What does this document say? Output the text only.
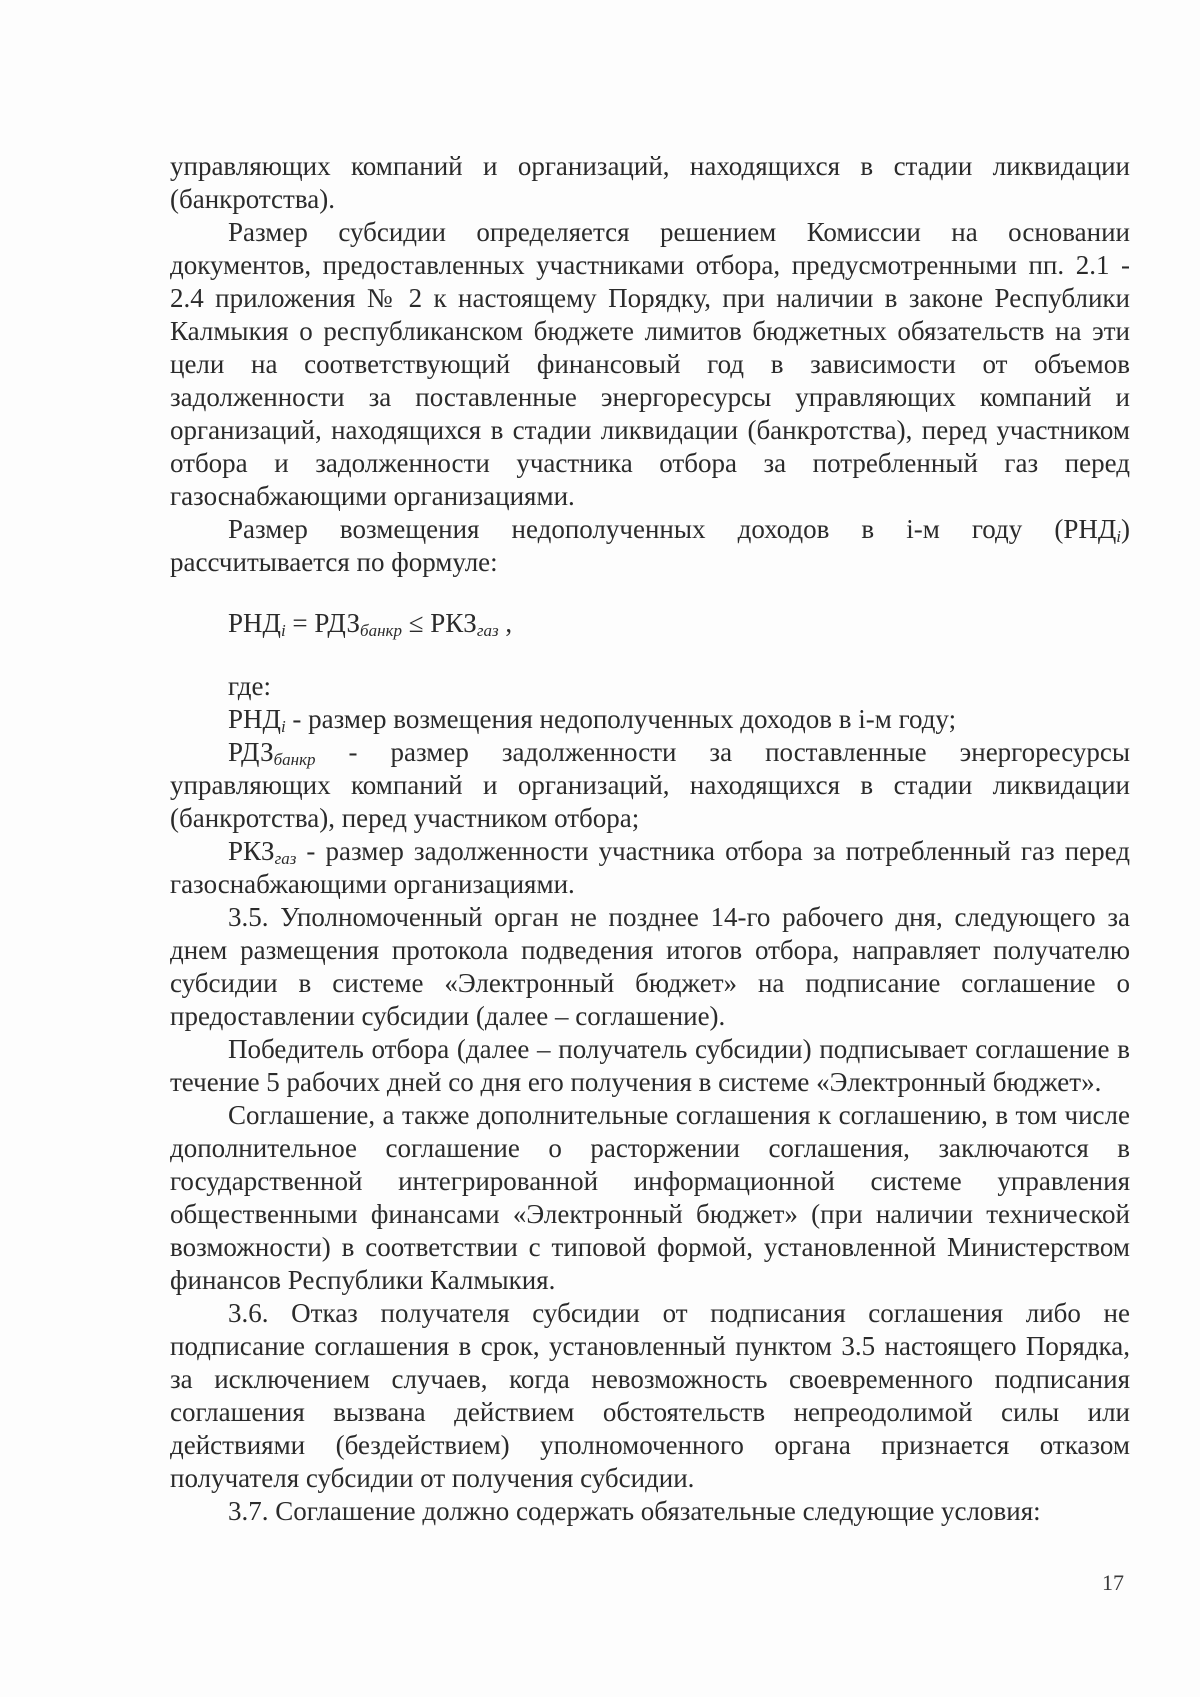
управляющих компаний и организаций, находящихся в стадии ликвидации (банкротства).

Размер субсидии определяется решением Комиссии на основании документов, предоставленных участниками отбора, предусмотренными пп. 2.1 - 2.4 приложения № 2 к настоящему Порядку, при наличии в законе Республики Калмыкия о республиканском бюджете лимитов бюджетных обязательств на эти цели на соответствующий финансовый год в зависимости от объемов задолженности за поставленные энергоресурсы управляющих компаний и организаций, находящихся в стадии ликвидации (банкротства), перед участником отбора и задолженности участника отбора за потребленный газ перед газоснабжающими организациями.

Размер возмещения недополученных доходов в i-м году $(РНД_i)$ рассчитывается по формуле:

$РНД_i = РДЗ_{банкр} \le РКЗ_{газ}$ ,

где:

$РНД_i$ - размер возмещения недополученных доходов в i-м году;

$РДЗ_{банкр}$ - размер задолженности за поставленные энергоресурсы управляющих компаний и организаций, находящихся в стадии ликвидации (банкротства), перед участником отбора;

$РКЗ_{газ}$ - размер задолженности участника отбора за потребленный газ перед газоснабжающими организациями.

3.5. Уполномоченный орган не позднее 14-го рабочего дня, следующего за днем размещения протокола подведения итогов отбора, направляет получателю субсидии в системе «Электронный бюджет» на подписание соглашение о предоставлении субсидии (далее – соглашение).

Победитель отбора (далее – получатель субсидии) подписывает соглашение в течение 5 рабочих дней со дня его получения в системе «Электронный бюджет».

Соглашение, а также дополнительные соглашения к соглашению, в том числе дополнительное соглашение о расторжении соглашения, заключаются в государственной интегрированной информационной системе управления общественными финансами «Электронный бюджет» (при наличии технической возможности) в соответствии с типовой формой, установленной Министерством финансов Республики Калмыкия.

3.6. Отказ получателя субсидии от подписания соглашения либо не подписание соглашения в срок, установленный пунктом 3.5 настоящего Порядка, за исключением случаев, когда невозможность своевременного подписания соглашения вызвана действием обстоятельств непреодолимой силы или действиями (бездействием) уполномоченного органа признается отказом получателя субсидии от получения субсидии.

3.7. Соглашение должно содержать обязательные следующие условия:

17
